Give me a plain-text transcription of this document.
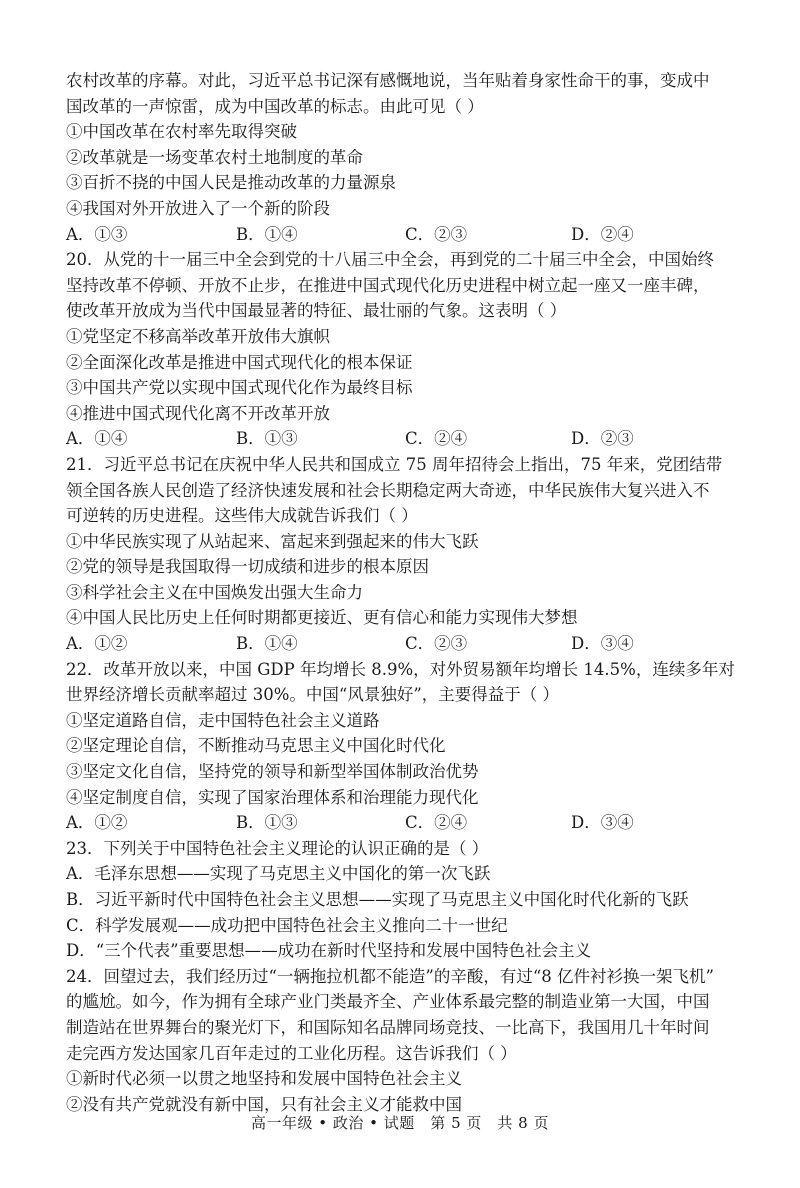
农村改革的序幕。对此，习近平总书记深有感慨地说，当年贴着身家性命干的事，变成中
国改革的一声惊雷，成为中国改革的标志。由此可见（ ）
①中国改革在农村率先取得突破
②改革就是一场变革农村土地制度的革命
③百折不挠的中国人民是推动改革的力量源泉
④我国对外开放进入了一个新的阶段
A．①③	B．①④	C．②③	D．②④
20．从党的十一届三中全会到党的十八届三中全会，再到党的二十届三中全会，中国始终
坚持改革不停顿、开放不止步，在推进中国式现代化历史进程中树立起一座又一座丰碑，
使改革开放成为当代中国最显著的特征、最壮丽的气象。这表明（ ）
①党坚定不移高举改革开放伟大旗帜
②全面深化改革是推进中国式现代化的根本保证
③中国共产党以实现中国式现代化作为最终目标
④推进中国式现代化离不开改革开放
A．①④	B．①③	C．②④	D．②③
21．习近平总书记在庆祝中华人民共和国成立 75 周年招待会上指出，75 年来，党团结带
领全国各族人民创造了经济快速发展和社会长期稳定两大奇迹，中华民族伟大复兴进入不
可逆转的历史进程。这些伟大成就告诉我们（ ）
①中华民族实现了从站起来、富起来到强起来的伟大飞跃
②党的领导是我国取得一切成绩和进步的根本原因
③科学社会主义在中国焕发出强大生命力
④中国人民比历史上任何时期都更接近、更有信心和能力实现伟大梦想
A．①②	B．①④	C．②③	D．③④
22．改革开放以来，中国 GDP 年均增长 8.9%，对外贸易额年均增长 14.5%，连续多年对
世界经济增长贡献率超过 30%。中国“风景独好”，主要得益于（ ）
①坚定道路自信，走中国特色社会主义道路
②坚定理论自信，不断推动马克思主义中国化时代化
③坚定文化自信，坚持党的领导和新型举国体制政治优势
④坚定制度自信，实现了国家治理体系和治理能力现代化
A．①②	B．①③	C．②④	D．③④
23．下列关于中国特色社会主义理论的认识正确的是（ ）
A．毛泽东思想——实现了马克思主义中国化的第一次飞跃
B．习近平新时代中国特色社会主义思想——实现了马克思主义中国化时代化新的飞跃
C．科学发展观——成功把中国特色社会主义推向二十一世纪
D．“三个代表”重要思想——成功在新时代坚持和发展中国特色社会主义
24．回望过去，我们经历过“一辆拖拉机都不能造”的辛酸，有过“8 亿件衬衫换一架飞机”
的尴尬。如今，作为拥有全球产业门类最齐全、产业体系最完整的制造业第一大国，中国
制造站在世界舞台的聚光灯下，和国际知名品牌同场竞技、一比高下，我国用几十年时间
走完西方发达国家几百年走过的工业化历程。这告诉我们（ ）
①新时代必须一以贯之地坚持和发展中国特色社会主义
②没有共产党就没有新中国，只有社会主义才能救中国
高一年级 • 政治 • 试题　第 5 页　共 8 页
